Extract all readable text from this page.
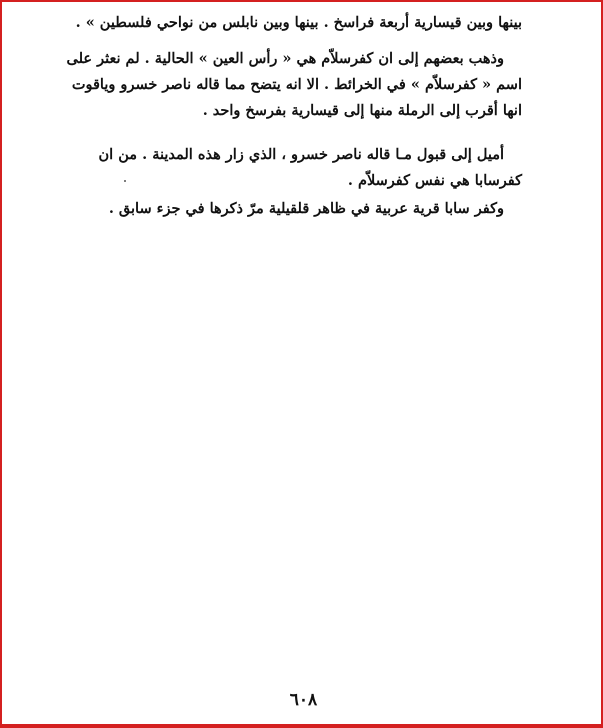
بينها وبين قيسارية أربعة فراسخ . بينها وبين نابلس من نواحي فلسطين » .

وذهب بعضهم إلى ان كفرسلاّم هي « رأس العين » الحالية . لم نعثر على
اسم « كفرسلاّم » في الخرائط . الا انه يتضح مما قاله ناصر خسرو وياقوت
انها أقرب إلى الرملة منها إلى قيسارية بفرسخ واحد .

أميل إلى قبول مـا قاله ناصر خسرو ، الذي زار هذه المدينة . من ان
كفرسابا هي نفس كفرسلاّم .

وكفر سابا قرية عربية في ظاهر قلقيلية مرّ ذكرها في جزء سابق .

٦٠٨
